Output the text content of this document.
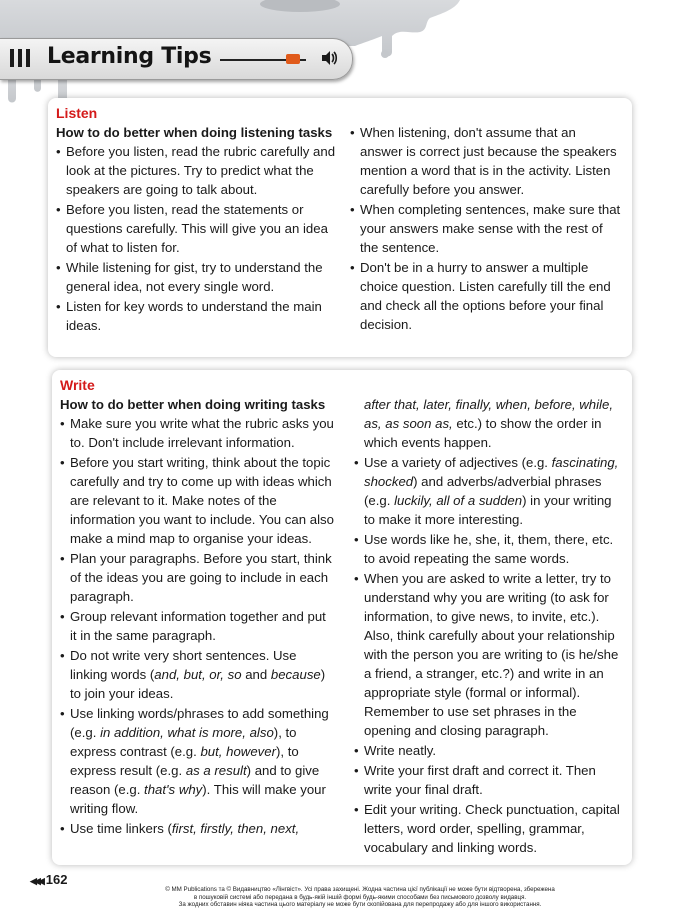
Learning Tips
Listen
How to do better when doing listening tasks
• Before you listen, read the rubric carefully and look at the pictures. Try to predict what the speakers are going to talk about.
• Before you listen, read the statements or questions carefully. This will give you an idea of what to listen for.
• While listening for gist, try to understand the general idea, not every single word.
• Listen for key words to understand the main ideas.
• When listening, don't assume that an answer is correct just because the speakers mention a word that is in the activity. Listen carefully before you answer.
• When completing sentences, make sure that your answers make sense with the rest of the sentence.
• Don't be in a hurry to answer a multiple choice question. Listen carefully till the end and check all the options before your final decision.
Write
How to do better when doing writing tasks
• Make sure you write what the rubric asks you to. Don't include irrelevant information.
• Before you start writing, think about the topic carefully and try to come up with ideas which are relevant to it. Make notes of the information you want to include. You can also make a mind map to organise your ideas.
• Plan your paragraphs. Before you start, think of the ideas you are going to include in each paragraph.
• Group relevant information together and put it in the same paragraph.
• Do not write very short sentences. Use linking words (and, but, or, so and because) to join your ideas.
• Use linking words/phrases to add something (e.g. in addition, what is more, also), to express contrast (e.g. but, however), to express result (e.g. as a result) and to give reason (e.g. that's why). This will make your writing flow.
• Use time linkers (first, firstly, then, next,
after that, later, finally, when, before, while, as, as soon as, etc.) to show the order in which events happen.
• Use a variety of adjectives (e.g. fascinating, shocked) and adverbs/adverbial phrases (e.g. luckily, all of a sudden) in your writing to make it more interesting.
• Use words like he, she, it, them, there, etc. to avoid repeating the same words.
• When you are asked to write a letter, try to understand why you are writing (to ask for information, to give news, to invite, etc.). Also, think carefully about your relationship with the person you are writing to (is he/she a friend, a stranger, etc.?) and write in an appropriate style (formal or informal). Remember to use set phrases in the opening and closing paragraph.
• Write neatly.
• Write your first draft and correct it. Then write your final draft.
• Edit your writing. Check punctuation, capital letters, word order, spelling, grammar, vocabulary and linking words.
◀◀◀ 162
© MM Publications та © Видавництво «Лінгвіст». Усі права захищені. Жодна частина цієї публікації не може бути відтворена, збережена
в пошуковій системі або передана в будь-якій іншій формі будь-якими способами без письмового дозволу видавця.
За жодних обставин ніяка частина цього матеріалу не може бути скопійована для перепродажу або для іншого використання.
